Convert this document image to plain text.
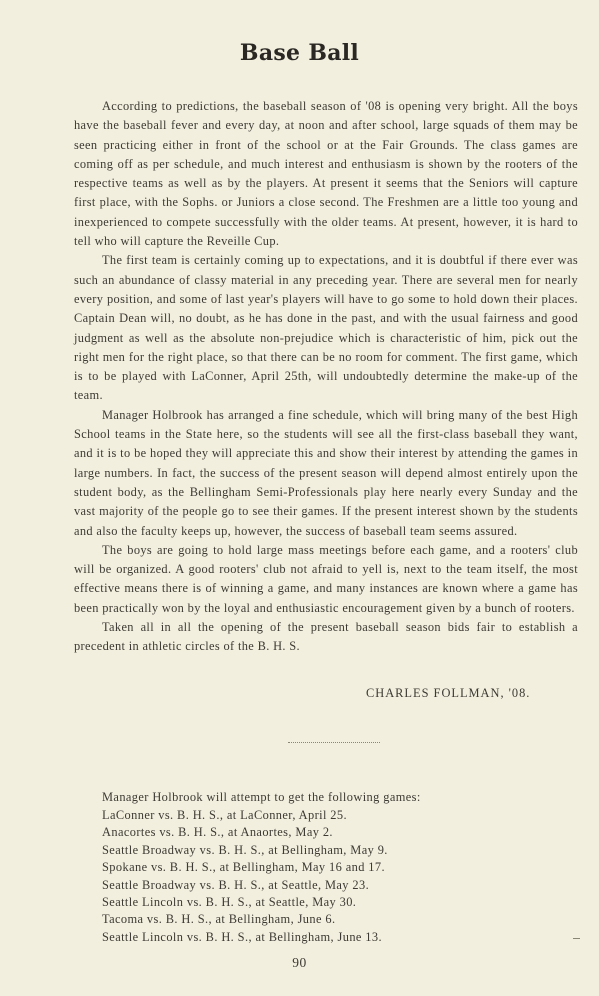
Base Ball

According to predictions, the baseball season of '08 is opening very bright. All the boys have the baseball fever and every day, at noon and after school, large squads of them may be seen practicing either in front of the school or at the Fair Grounds. The class games are coming off as per schedule, and much interest and enthusiasm is shown by the rooters of the respective teams as well as by the players. At present it seems that the Seniors will capture first place, with the Sophs. or Juniors a close second. The Freshmen are a little too young and inexperienced to compete successfully with the older teams. At present, however, it is hard to tell who will capture the Reveille Cup.

The first team is certainly coming up to expectations, and it is doubtful if there ever was such an abundance of classy material in any preceding year. There are several men for nearly every position, and some of last year's players will have to go some to hold down their places. Captain Dean will, no doubt, as he has done in the past, and with the usual fairness and good judgment as well as the absolute non-prejudice which is characteristic of him, pick out the right men for the right place, so that there can be no room for comment. The first game, which is to be played with LaConner, April 25th, will undoubtedly determine the make-up of the team.

Manager Holbrook has arranged a fine schedule, which will bring many of the best High School teams in the State here, so the students will see all the first-class baseball they want, and it is to be hoped they will appreciate this and show their interest by attending the games in large numbers. In fact, the success of the present season will depend almost entirely upon the student body, as the Bellingham Semi-Professionals play here nearly every Sunday and the vast majority of the people go to see their games. If the present interest shown by the students and also the faculty keeps up, however, the success of baseball team seems assured.

The boys are going to hold large mass meetings before each game, and a rooters' club will be organized. A good rooters' club not afraid to yell is, next to the team itself, the most effective means there is of winning a game, and many instances are known where a game has been practically won by the loyal and enthusiastic encouragement given by a bunch of rooters.

Taken all in all the opening of the present baseball season bids fair to establish a precedent in athletic circles of the B. H. S.

CHARLES FOLLMAN, '08.
Manager Holbrook will attempt to get the following games:
LaConner vs. B. H. S., at LaConner, April 25.
Anacortes vs. B. H. S., at Anaortes, May 2.
Seattle Broadway vs. B. H. S., at Bellingham, May 9.
Spokane vs. B. H. S., at Bellingham, May 16 and 17.
Seattle Broadway vs. B. H. S., at Seattle, May 23.
Seattle Lincoln vs. B. H. S., at Seattle, May 30.
Tacoma vs. B. H. S., at Bellingham, June 6.
Seattle Lincoln vs. B. H. S., at Bellingham, June 13.
90
